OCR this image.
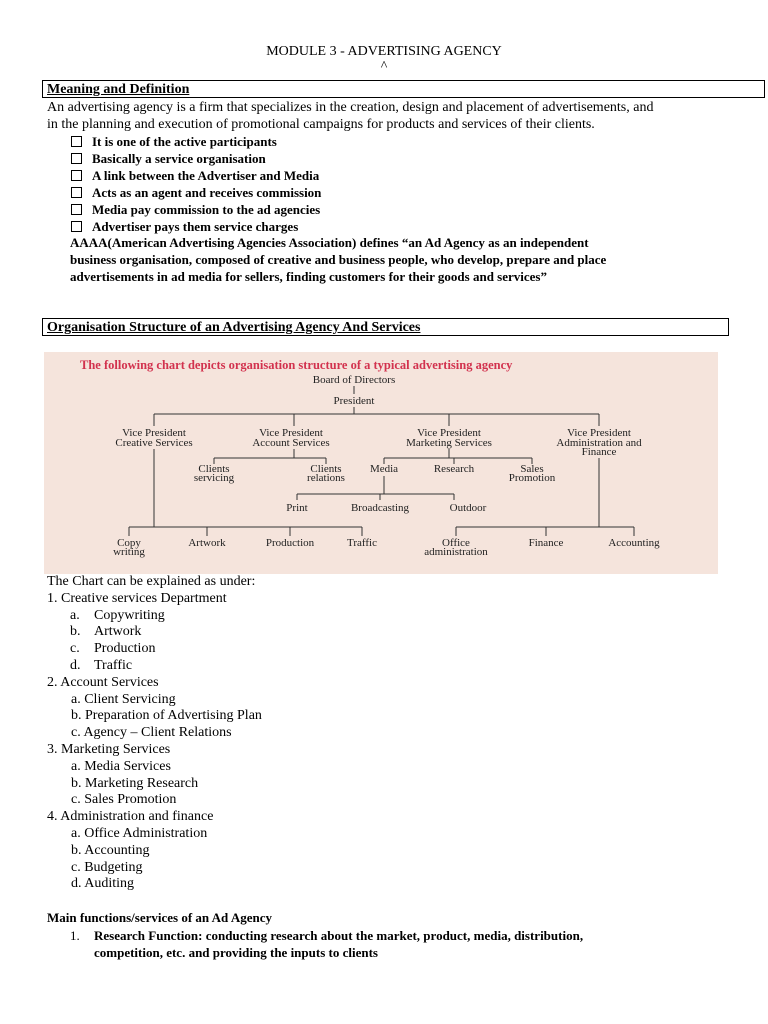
MODULE 3 - ADVERTISING AGENCY
^
Meaning and Definition
An advertising agency is a firm that specializes in the creation, design and placement of advertisements, and
in the planning and execution of promotional campaigns for products and services of their clients.
It is one of the active participants
Basically a service organisation
A link between the Advertiser and Media
Acts as an agent and receives commission
Media pay commission to the ad agencies
Advertiser pays them service charges
AAAA(American Advertising Agencies Association) defines “an Ad Agency as an independent
business organisation, composed of creative and business people, who develop, prepare and place
advertisements in ad media for sellers, finding customers for their goods and services”
Organisation Structure of an Advertising Agency And Services
The following chart depicts organisation structure of a typical advertising agency
Board of Directors
President
Vice President
Creative Services
Vice President
Account Services
Vice President
Marketing Services
Vice President
Administration and
Finance
Clients
servicing
Clients
relations
Media	Research	Sales
Promotion
Print	Broadcasting	Outdoor
Copy
writing
Artwork	Production	Traffic	Office
administration
Finance	Accounting
The Chart can be explained as under:
1. Creative services Department
a. Copywriting
b. Artwork
c. Production
d. Traffic
2. Account Services
a. Client Servicing
b. Preparation of Advertising Plan
c. Agency – Client Relations
3. Marketing Services
a. Media Services
b. Marketing Research
c. Sales Promotion
4. Administration and finance
a. Office Administration
b. Accounting
c. Budgeting
d. Auditing
Main functions/services of an Ad Agency
1. Research Function: conducting research about the market, product, media, distribution,
competition, etc. and providing the inputs to clients
